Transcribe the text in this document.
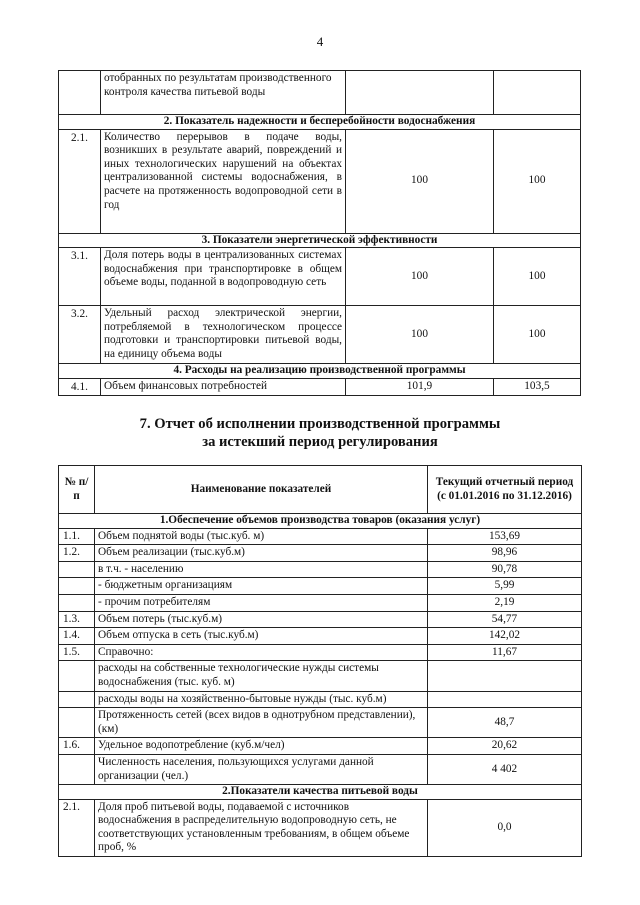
4
	отобранных по результатам производственного контроля качества питьевой воды		
2. Показатель надежности и бесперебойности водоснабжения			
2.1.	Количество перерывов в подаче воды, возникших в результате аварий, повреждений и иных технологических нарушений на объектах централизованной системы водоснабжения, в расчете на протяженность водопроводной сети в год	100	100
3. Показатели энергетической эффективности			
3.1.	Доля потерь воды в централизованных системах водоснабжения при транспортировке в общем объеме воды, поданной в водопроводную сеть	100	100
3.2.	Удельный расход электрической энергии, потребляемой в технологическом процессе подготовки и транспортировки питьевой воды, на единицу объема воды	100	100
4. Расходы на реализацию производственной программы			
4.1.	Объем финансовых потребностей	101,9	103,5
7. Отчет об исполнении производственной программы
за истекший период регулирования
№ п/п	Наименование показателей	Текущий отчетный период (с 01.01.2016 по 31.12.2016)
1.Обеспечение объемов производства товаров (оказания услуг)		
1.1.	Объем поднятой воды (тыс.куб. м)	153,69
1.2.	Объем реализации (тыс.куб.м)	98,96
	в т.ч. - населению	90,78
	- бюджетным организациям	5,99
	- прочим потребителям	2,19
1.3.	Объем потерь (тыс.куб.м)	54,77
1.4.	Объем отпуска в сеть (тыс.куб.м)	142,02
1.5.	Справочно:	11,67
	расходы на собственные технологические нужды системы водоснабжения (тыс. куб. м)	
	расходы воды на хозяйственно-бытовые нужды (тыс. куб.м)	
	Протяженность сетей (всех видов в однотрубном представлении), (км)	48,7
1.6.	Удельное водопотребление (куб.м/чел)	20,62
	Численность населения, пользующихся услугами данной организации (чел.)	4 402
2.Показатели качества питьевой воды		
2.1.	Доля проб питьевой воды, подаваемой с источников водоснабжения в распределительную водопроводную сеть, не соответствующих установленным требованиям, в общем объеме проб, %	0,0
